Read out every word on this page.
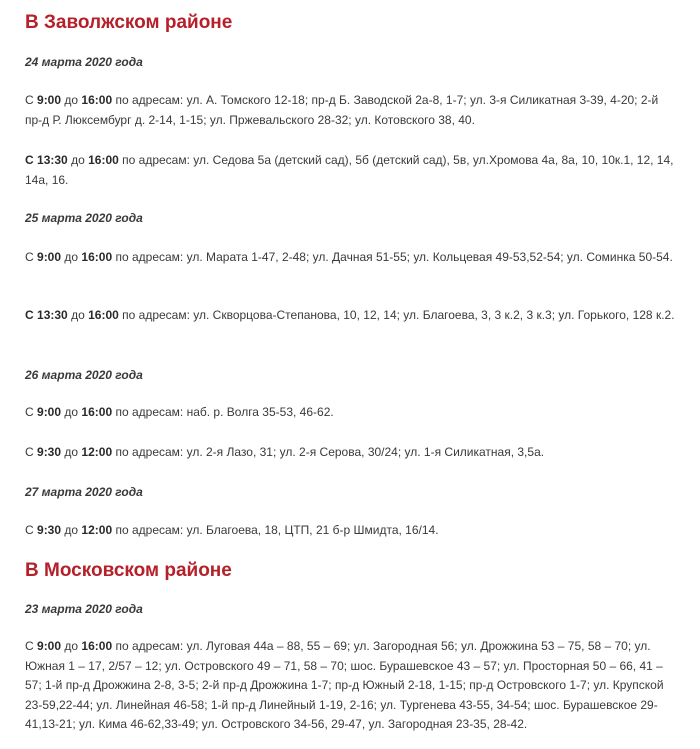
В Заволжском районе

24 марта 2020 года

С 9:00 до 16:00 по адресам: ул. А. Томского 12-18; пр-д Б. Заводской 2а-8, 1-7; ул. 3-я Силикатная 3-39, 4-20; 2-й пр-д Р. Люксембург д. 2-14, 1-15; ул. Пржевальского 28-32; ул. Котовского 38, 40.

С 13:30 до 16:00 по адресам: ул. Седова 5а (детский сад), 5б (детский сад), 5в, ул.Хромова 4а, 8а, 10, 10к.1, 12, 14, 14а, 16.

25 марта 2020 года

С 9:00 до 16:00 по адресам: ул. Марата 1-47, 2-48; ул. Дачная 51-55; ул. Кольцевая 49-53,52-54; ул. Соминка 50-54.

С 13:30 до 16:00 по адресам: ул. Скворцова-Степанова, 10, 12, 14; ул. Благоева, 3, 3 к.2, 3 к.3; ул. Горького, 128 к.2.

26 марта 2020 года

С 9:00 до 16:00 по адресам: наб. р. Волга 35-53, 46-62.

С 9:30 до 12:00 по адресам: ул. 2-я Лазо, 31; ул. 2-я Серова, 30/24; ул. 1-я Силикатная, 3,5а.

27 марта 2020 года

С 9:30 до 12:00 по адресам: ул. Благоева, 18, ЦТП, 21 б-р Шмидта, 16/14.

В Московском районе

23 марта 2020 года

С 9:00 до 16:00 по адресам: ул. Луговая 44а – 88, 55 – 69; ул. Загородная 56; ул. Дрожжина 53 – 75, 58 – 70; ул. Южная 1 – 17, 2/57 – 12; ул. Островского 49 – 71, 58 – 70; шос. Бурашевское 43 – 57; ул. Просторная 50 – 66, 41 – 57; 1-й пр-д Дрожжина 2-8, 3-5; 2-й пр-д Дрожжина 1-7; пр-д Южный 2-18, 1-15; пр-д Островского 1-7; ул. Крупской 23-59,22-44; ул. Линейная 46-58; 1-й пр-д Линейный 1-19, 2-16; ул. Тургенева 43-55, 34-54; шос. Бурашевское 29- 41,13-21; ул. Кима 46-62,33-49; ул. Островского 34-56, 29-47, ул. Загородная 23-35, 28-42.
